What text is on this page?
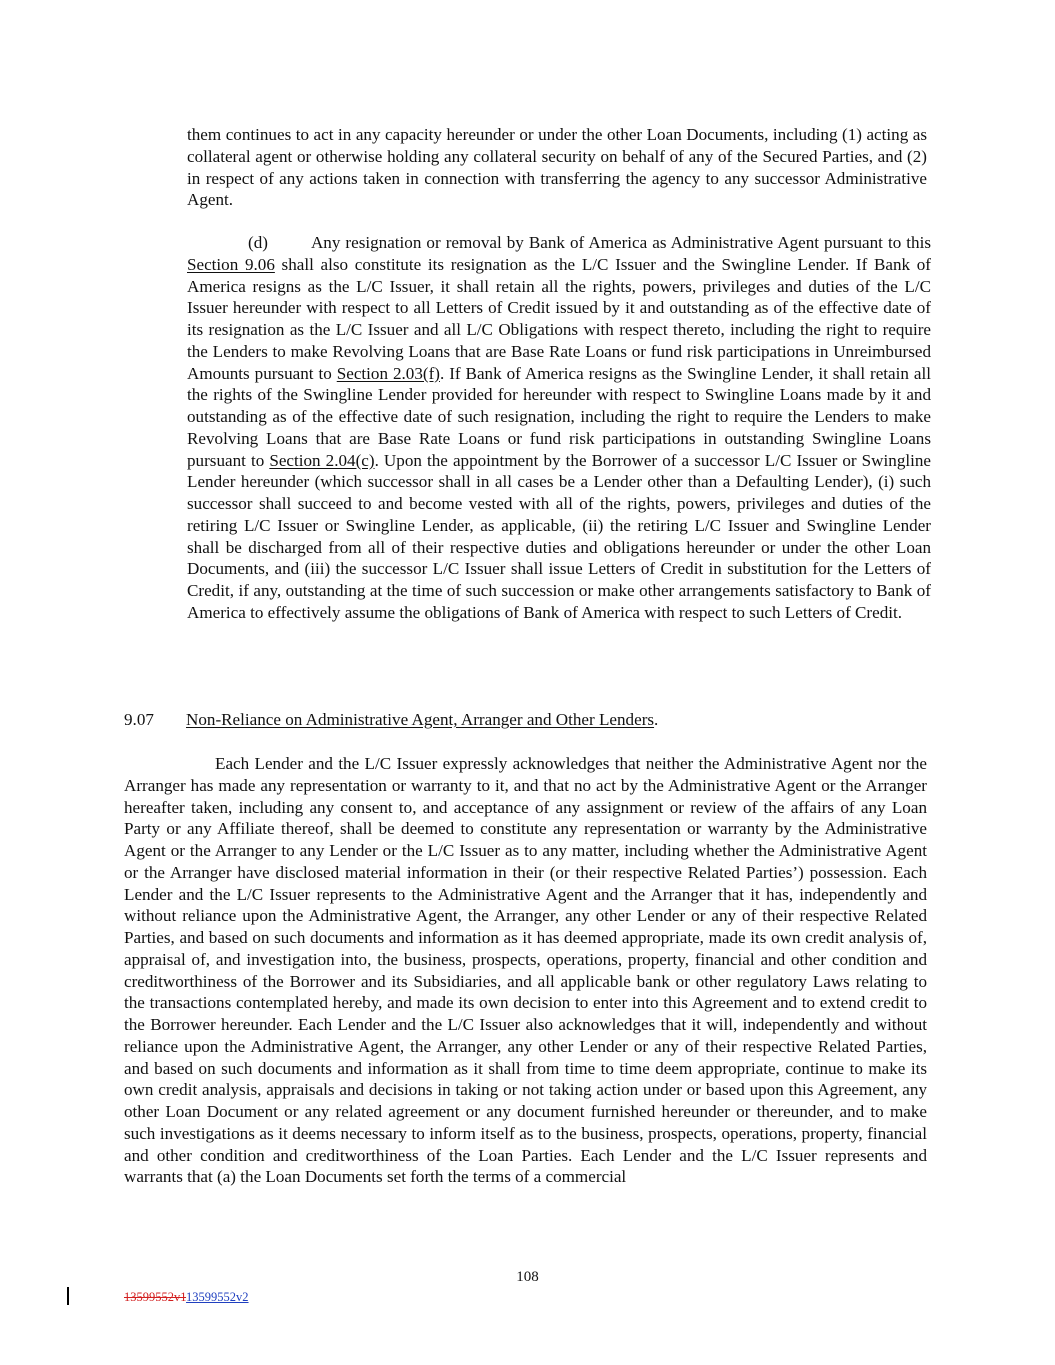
them continues to act in any capacity hereunder or under the other Loan Documents, including (1) acting as collateral agent or otherwise holding any collateral security on behalf of any of the Secured Parties, and (2) in respect of any actions taken in connection with transferring the agency to any successor Administrative Agent.

(d)	Any resignation or removal by Bank of America as Administrative Agent pursuant to this Section 9.06 shall also constitute its resignation as the L/C Issuer and the Swingline Lender. If Bank of America resigns as the L/C Issuer, it shall retain all the rights, powers, privileges and duties of the L/C Issuer hereunder with respect to all Letters of Credit issued by it and outstanding as of the effective date of its resignation as the L/C Issuer and all L/C Obligations with respect thereto, including the right to require the Lenders to make Revolving Loans that are Base Rate Loans or fund risk participations in Unreimbursed Amounts pursuant to Section 2.03(f). If Bank of America resigns as the Swingline Lender, it shall retain all the rights of the Swingline Lender provided for hereunder with respect to Swingline Loans made by it and outstanding as of the effective date of such resignation, including the right to require the Lenders to make Revolving Loans that are Base Rate Loans or fund risk participations in outstanding Swingline Loans pursuant to Section 2.04(c). Upon the appointment by the Borrower of a successor L/C Issuer or Swingline Lender hereunder (which successor shall in all cases be a Lender other than a Defaulting Lender), (i) such successor shall succeed to and become vested with all of the rights, powers, privileges and duties of the retiring L/C Issuer or Swingline Lender, as applicable, (ii) the retiring L/C Issuer and Swingline Lender shall be discharged from all of their respective duties and obligations hereunder or under the other Loan Documents, and (iii) the successor L/C Issuer shall issue Letters of Credit in substitution for the Letters of Credit, if any, outstanding at the time of such succession or make other arrangements satisfactory to Bank of America to effectively assume the obligations of Bank of America with respect to such Letters of Credit.

9.07 Non-Reliance on Administrative Agent, Arranger and Other Lenders.

Each Lender and the L/C Issuer expressly acknowledges that neither the Administrative Agent nor the Arranger has made any representation or warranty to it, and that no act by the Administrative Agent or the Arranger hereafter taken, including any consent to, and acceptance of any assignment or review of the affairs of any Loan Party or any Affiliate thereof, shall be deemed to constitute any representation or warranty by the Administrative Agent or the Arranger to any Lender or the L/C Issuer as to any matter, including whether the Administrative Agent or the Arranger have disclosed material information in their (or their respective Related Parties’) possession. Each Lender and the L/C Issuer represents to the Administrative Agent and the Arranger that it has, independently and without reliance upon the Administrative Agent, the Arranger, any other Lender or any of their respective Related Parties, and based on such documents and information as it has deemed appropriate, made its own credit analysis of, appraisal of, and investigation into, the business, prospects, operations, property, financial and other condition and creditworthiness of the Borrower and its Subsidiaries, and all applicable bank or other regulatory Laws relating to the transactions contemplated hereby, and made its own decision to enter into this Agreement and to extend credit to the Borrower hereunder. Each Lender and the L/C Issuer also acknowledges that it will, independently and without reliance upon the Administrative Agent, the Arranger, any other Lender or any of their respective Related Parties, and based on such documents and information as it shall from time to time deem appropriate, continue to make its own credit analysis, appraisals and decisions in taking or not taking action under or based upon this Agreement, any other Loan Document or any related agreement or any document furnished hereunder or thereunder, and to make such investigations as it deems necessary to inform itself as to the business, prospects, operations, property, financial and other condition and creditworthiness of the Loan Parties. Each Lender and the L/C Issuer represents and warrants that (a) the Loan Documents set forth the terms of a commercial

108
13599552v113599552v2
